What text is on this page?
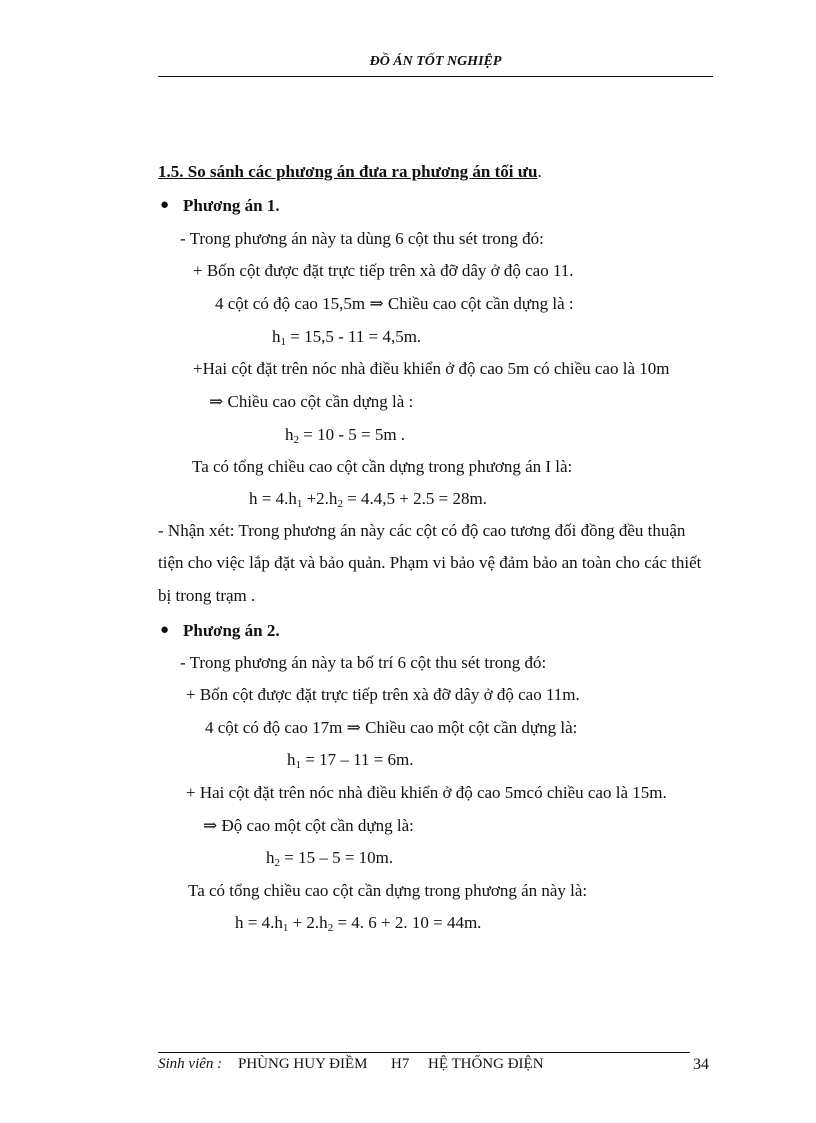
ĐỒ ÁN TỐT NGHIỆP
1.5. So sánh các phương án đưa ra phương án tối ưu.
● Phương án 1.
- Trong phương án này ta dùng 6 cột thu sét trong đó:
+ Bốn cột được đặt trực tiếp trên xà đỡ dây ở độ cao 11.
4 cột có độ cao 15,5m ⇒ Chiều cao cột cần dựng là :
$h_1 = 15,5 - 11 = 4,5m$.
+Hai cột đặt trên nóc nhà điều khiển ở độ cao 5m có chiều cao là 10m
⇒ Chiều cao cột cần dựng là :
$h_2 = 10 - 5 = 5m$ .
Ta có tổng chiều cao cột cần dựng trong phương án I là:
$h = 4.h_1 +2.h_2 = 4.4,5 + 2.5 = 28m$.
- Nhận xét: Trong phương án này các cột có độ cao tương đối đồng đều thuận
tiện cho việc lắp đặt và bảo quản. Phạm vi bảo vệ đảm bảo an toàn cho các thiết
bị trong trạm .
● Phương án 2.
- Trong phương án này ta bố trí 6 cột thu sét trong đó:
+ Bốn cột được đặt trực tiếp trên xà đỡ dây ở độ cao 11m.
4 cột có độ cao 17m ⇒ Chiều cao một cột cần dựng là:
$h_1 = 17 - 11 = 6m$.
+ Hai cột đặt trên nóc nhà điều khiển ở độ cao 5mcó chiều cao là 15m.
⇒ Độ cao một cột cần dựng là:
$h_2 = 15 - 5 = 10m$.
Ta có tổng chiều cao cột cần dựng trong phương án này là:
$h = 4.h_1 + 2.h_2 = 4$. 6 + 2. 10 = 44m.
Sinh viên : PHÙNG HUY ĐIỀM H7 HỆ THỐNG ĐIỆN	34
